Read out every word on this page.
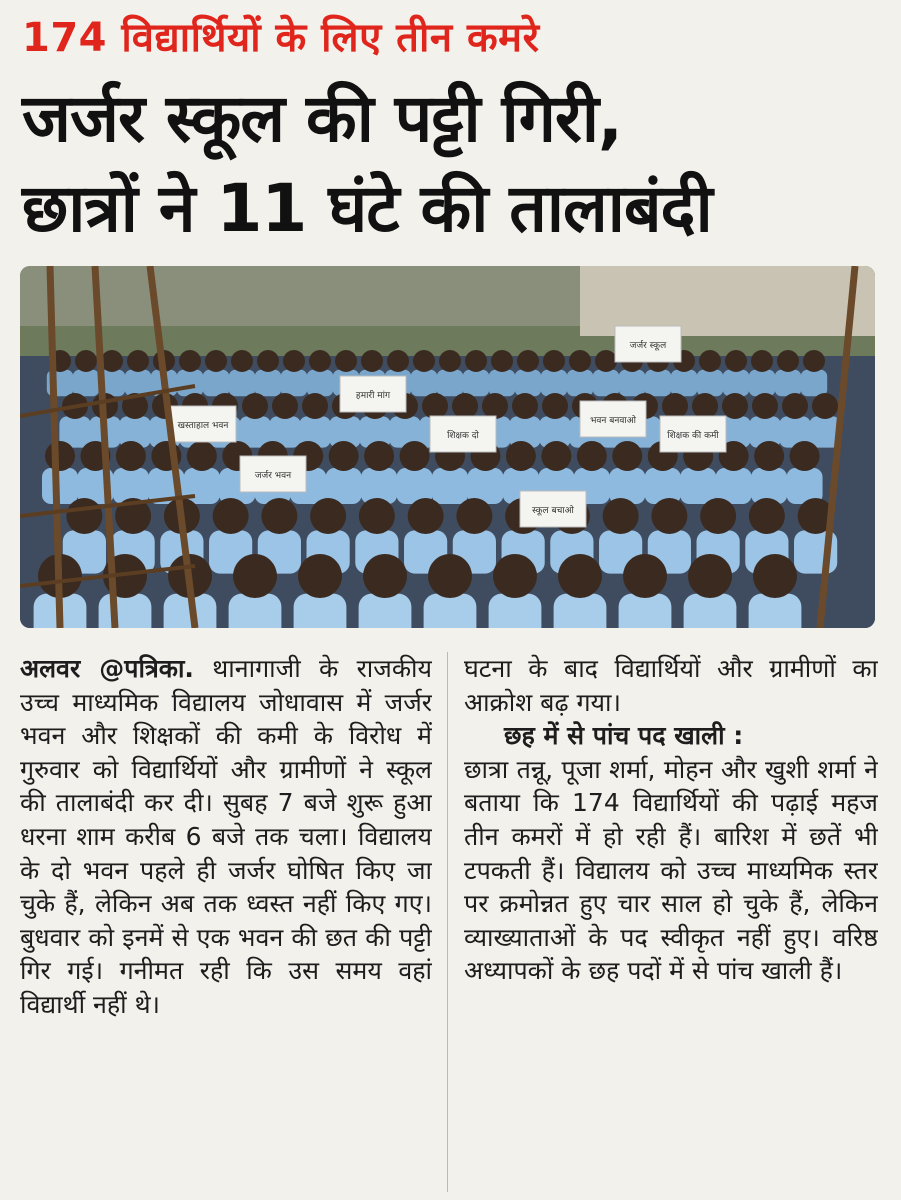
174 विद्यार्थियों के लिए तीन कमरे
जर्जर स्कूल की पट्टी गिरी,
छात्रों ने 11 घंटे की तालाबंदी
खस्ताहाल भवन
जर्जर भवन
हमारी मांग
शिक्षक दो
स्कूल बचाओ
भवन बनवाओ
शिक्षक की कमी
जर्जर स्कूल

अलवर @पत्रिका. थानागाजी के राजकीय उच्च माध्यमिक विद्यालय जोधावास में जर्जर भवन और शिक्षकों की कमी के विरोध में गुरुवार को विद्यार्थियों और ग्रामीणों ने स्कूल की तालाबंदी कर दी। सुबह 7 बजे शुरू हुआ धरना शाम करीब 6 बजे तक चला। विद्यालय के दो भवन पहले ही जर्जर घोषित किए जा चुके हैं, लेकिन अब तक ध्वस्त नहीं किए गए। बुधवार को इनमें से एक भवन की छत की पट्टी गिर गई। गनीमत रही कि उस समय वहां विद्यार्थी नहीं थे।

घटना के बाद विद्यार्थियों और ग्रामीणों का आक्रोश बढ़ गया।

छह में से पांच पद खाली :

छात्रा तन्नू, पूजा शर्मा, मोहन और खुशी शर्मा ने बताया कि 174 विद्यार्थियों की पढ़ाई महज तीन कमरों में हो रही हैं। बारिश में छतें भी टपकती हैं। विद्यालय को उच्च माध्यमिक स्तर पर क्रमोन्नत हुए चार साल हो चुके हैं, लेकिन व्याख्याताओं के पद स्वीकृत नहीं हुए। वरिष्ठ अध्यापकों के छह पदों में से पांच खाली हैं।
